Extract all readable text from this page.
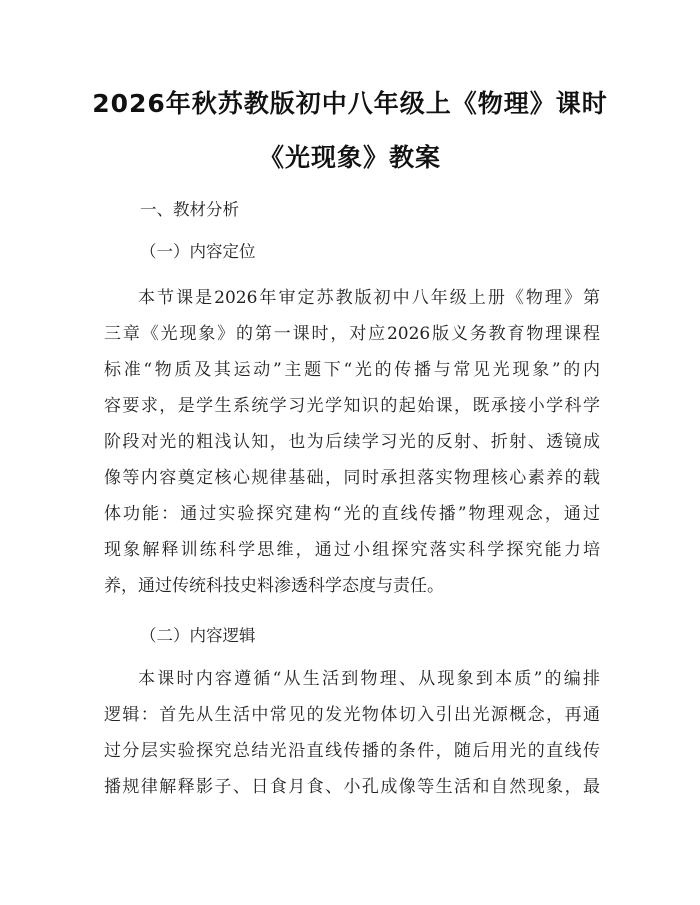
2026年秋苏教版初中八年级上《物理》课时
《光现象》教案
一、教材分析
（一）内容定位
本节课是2026年审定苏教版初中八年级上册《物理》第
三章《光现象》的第一课时，对应2026版义务教育物理课程
标准“物质及其运动”主题下“光的传播与常见光现象”的内
容要求，是学生系统学习光学知识的起始课，既承接小学科学
阶段对光的粗浅认知，也为后续学习光的反射、折射、透镜成
像等内容奠定核心规律基础，同时承担落实物理核心素养的载
体功能：通过实验探究建构“光的直线传播”物理观念，通过
现象解释训练科学思维，通过小组探究落实科学探究能力培
养，通过传统科技史料渗透科学态度与责任。
（二）内容逻辑
本课时内容遵循“从生活到物理、从现象到本质”的编排
逻辑：首先从生活中常见的发光物体切入引出光源概念，再通
过分层实验探究总结光沿直线传播的条件，随后用光的直线传
播规律解释影子、日食月食、小孔成像等生活和自然现象，最
